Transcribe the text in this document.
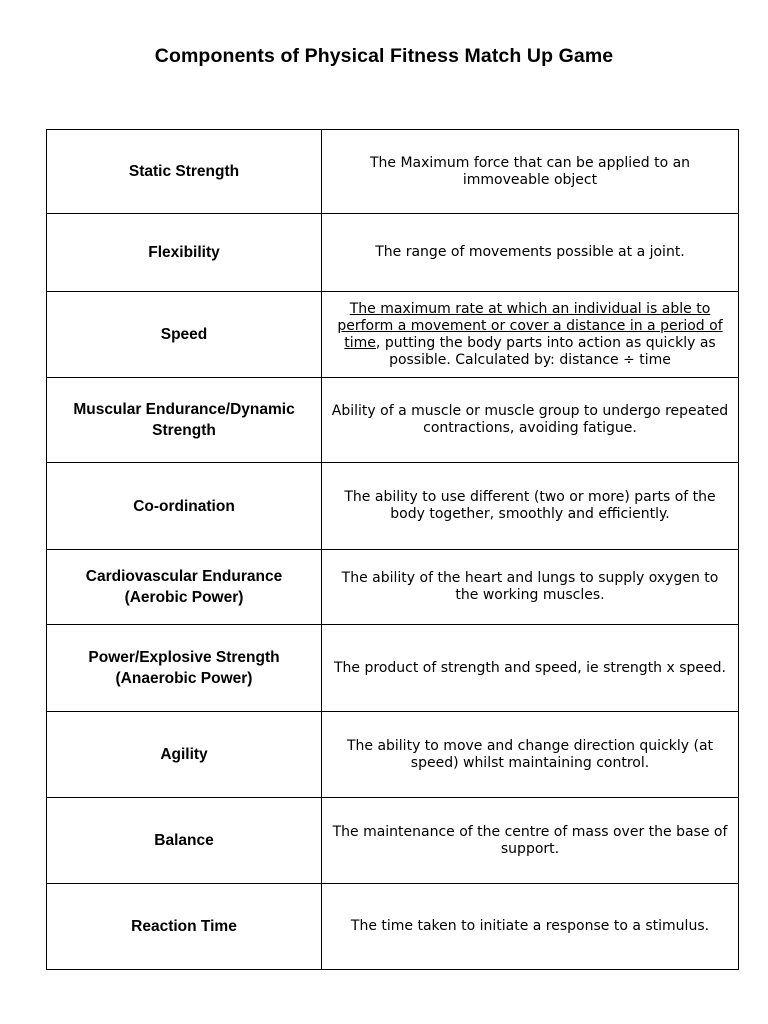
Components of Physical Fitness Match Up Game
Static Strength	The Maximum force that can be applied to an immoveable object
Flexibility	The range of movements possible at a joint.
Speed	The maximum rate at which an individual is able to perform a movement or cover a distance in a period of time, putting the body parts into action as quickly as possible. Calculated by: distance ÷ time
Muscular Endurance/Dynamic Strength	Ability of a muscle or muscle group to undergo repeated contractions, avoiding fatigue.
Co-ordination	The ability to use different (two or more) parts of the body together, smoothly and efficiently.
Cardiovascular Endurance (Aerobic Power)	The ability of the heart and lungs to supply oxygen to the working muscles.
Power/Explosive Strength (Anaerobic Power)	The product of strength and speed, ie strength x speed.
Agility	The ability to move and change direction quickly (at speed) whilst maintaining control.
Balance	The maintenance of the centre of mass over the base of support.
Reaction Time	The time taken to initiate a response to a stimulus.
